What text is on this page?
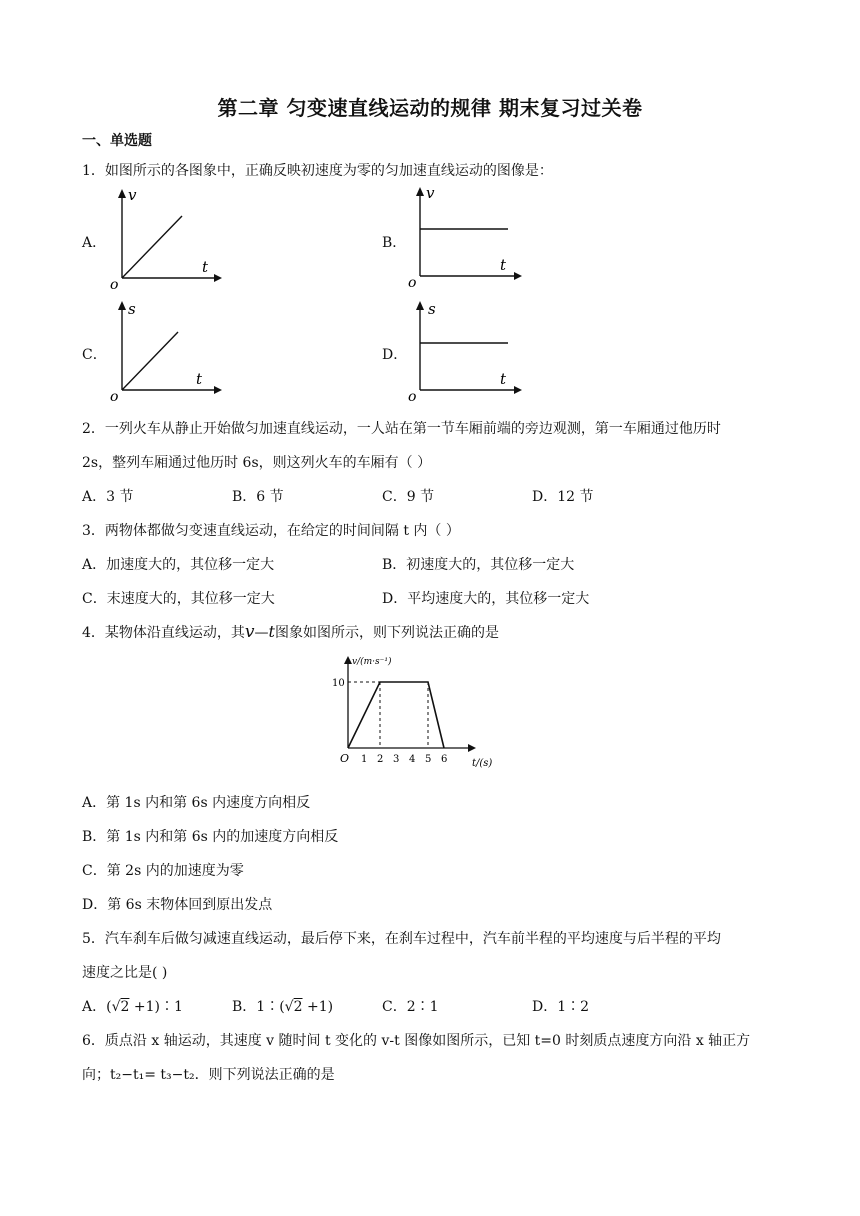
第二章 匀变速直线运动的规律 期末复习过关卷
一、单选题
1．如图所示的各图象中，正确反映初速度为零的匀加速直线运动的图像是：
A．	B．
C．	D．
v
t
o
v
t
o
s
t
o
s
t
o
2．一列火车从静止开始做匀加速直线运动，一人站在第一节车厢前端的旁边观测，第一车厢通过他历时
2s，整列车厢通过他历时 6s，则这列火车的车厢有（ ）
A．3 节	B．6 节	C．9 节	D．12 节
3．两物体都做匀变速直线运动，在给定的时间间隔 t 内（ ）
A．加速度大的，其位移一定大	B．初速度大的，其位移一定大
C．末速度大的，其位移一定大	D．平均速度大的，其位移一定大
4．某物体沿直线运动，其v—t图象如图所示，则下列说法正确的是
v/(m·s⁻¹)
t/(s)
O 1 2 3 4 5 6
10
A．第 1s 内和第 6s 内速度方向相反
B．第 1s 内和第 6s 内的加速度方向相反
C．第 2s 内的加速度为零
D．第 6s 末物体回到原出发点
5．汽车刹车后做匀减速直线运动，最后停下来，在刹车过程中，汽车前半程的平均速度与后半程的平均
速度之比是( )
A．(√2 +1)∶1	B．1∶(√2 +1)	C．2∶1	D．1∶2
6．质点沿 x 轴运动，其速度 v 随时间 t 变化的 v-t 图像如图所示，已知 t=0 时刻质点速度方向沿 x 轴正方
向；t₂−t₁= t₃−t₂．则下列说法正确的是
